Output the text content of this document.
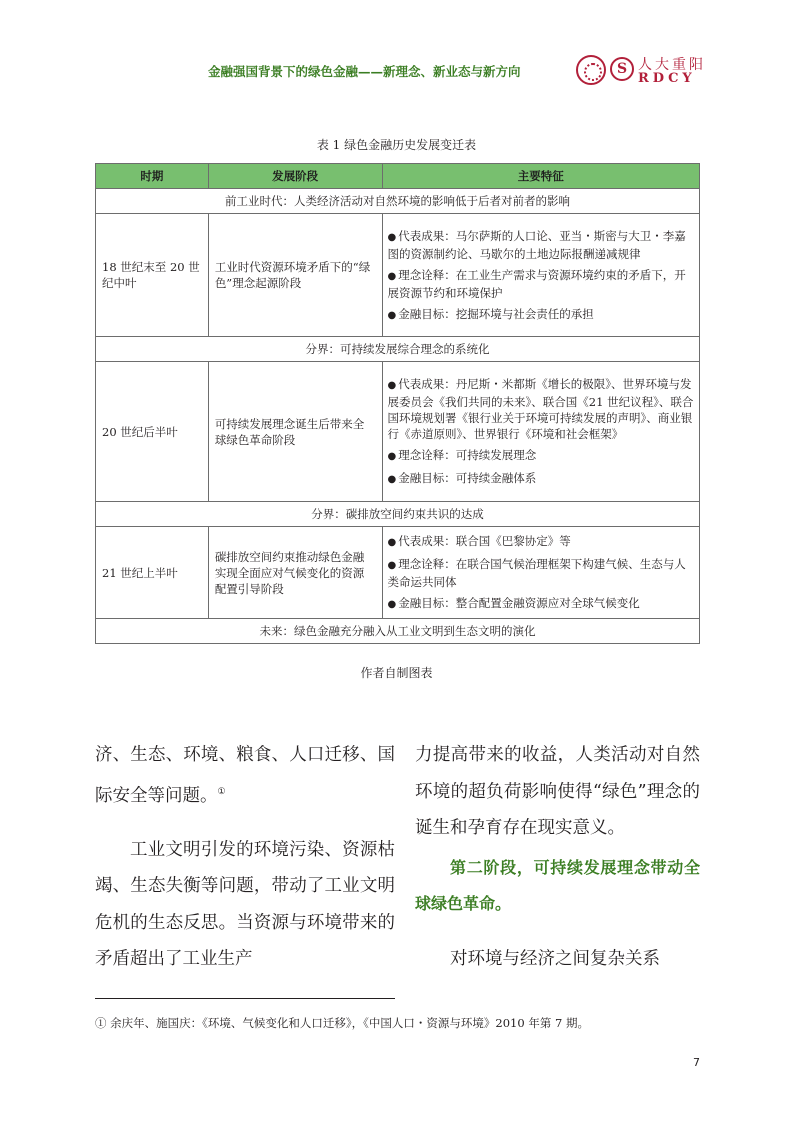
金融强国背景下的绿色金融——新理念、新业态与新方向	S 人大重阳
RDCY
表 1 绿色金融历史发展变迁表
时期	发展阶段	主要特征
前工业时代：人类经济活动对自然环境的影响低于后者对前者的影响		
18 世纪末至 20 世纪中叶	工业时代资源环境矛盾下的“绿色”理念起源阶段	● 代表成果：马尔萨斯的人口论、亚当・斯密与大卫・李嘉图的资源制约论、马歇尔的土地边际报酬递减规律
● 理念诠释：在工业生产需求与资源环境约束的矛盾下，开展资源节约和环境保护
● 金融目标：挖掘环境与社会责任的承担

分界：可持续发展综合理念的系统化		
20 世纪后半叶	可持续发展理念诞生后带来全球绿色革命阶段	● 代表成果：丹尼斯・米都斯《增长的极限》、世界环境与发展委员会《我们共同的未来》、联合国《21 世纪议程》、联合国环境规划署《银行业关于环境可持续发展的声明》、商业银行《赤道原则》、世界银行《环境和社会框架》
● 理念诠释：可持续发展理念
● 金融目标：可持续金融体系

分界：碳排放空间约束共识的达成		
21 世纪上半叶	碳排放空间约束推动绿色金融实现全面应对气候变化的资源配置引导阶段	● 代表成果：联合国《巴黎协定》等
● 理念诠释：在联合国气候治理框架下构建气候、生态与人类命运共同体
● 金融目标：整合配置金融资源应对全球气候变化

未来：绿色金融充分融入从工业文明到生态文明的演化		
作者自制图表

济、生态、环境、粮食、人口迁移、国际安全等问题。①

工业文明引发的环境污染、资源枯竭、生态失衡等问题，带动了工业文明危机的生态反思。当资源与环境带来的矛盾超出了工业生产

力提高带来的收益，人类活动对自然环境的超负荷影响使得“绿色”理念的诞生和孕育存在现实意义。

第二阶段，可持续发展理念带动全球绿色革命。

对环境与经济之间复杂关系

① 余庆年、施国庆：《环境、气候变化和人口迁移》，《中国人口・资源与环境》2010 年第 7 期。
7
